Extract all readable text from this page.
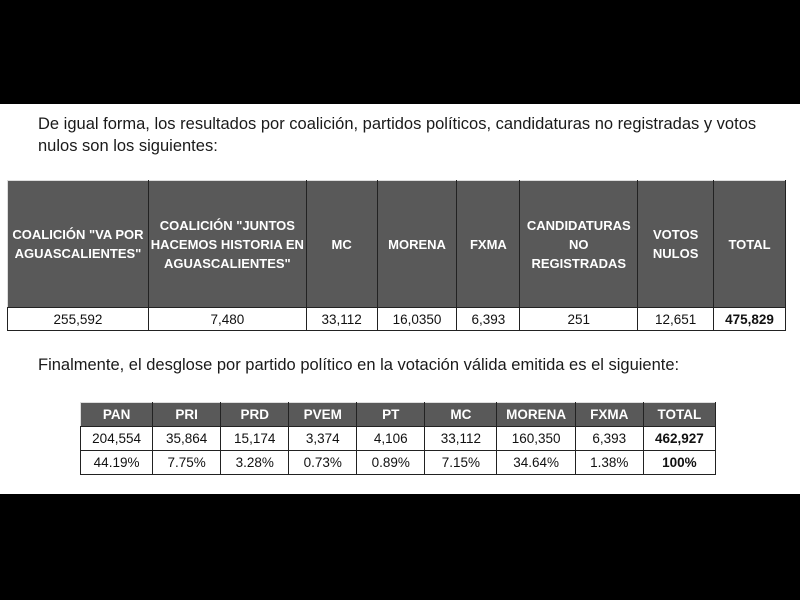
De igual forma, los resultados por coalición, partidos políticos, candidaturas no registradas y votos nulos son los siguientes:
COALICIÓN "VA POR AGUASCALIENTES"	COALICIÓN "JUNTOS HACEMOS HISTORIA EN AGUASCALIENTES"	MC	MORENA	FXMA	CANDIDATURAS NO REGISTRADAS	VOTOS NULOS	TOTAL
255,592	7,480	33,112	16,0350	6,393	251	12,651	475,829
Finalmente, el desglose por partido político en la votación válida emitida es el siguiente:
PAN	PRI	PRD	PVEM	PT	MC	MORENA	FXMA	TOTAL
204,554	35,864	15,174	3,374	4,106	33,112	160,350	6,393	462,927
44.19%	7.75%	3.28%	0.73%	0.89%	7.15%	34.64%	1.38%	100%
